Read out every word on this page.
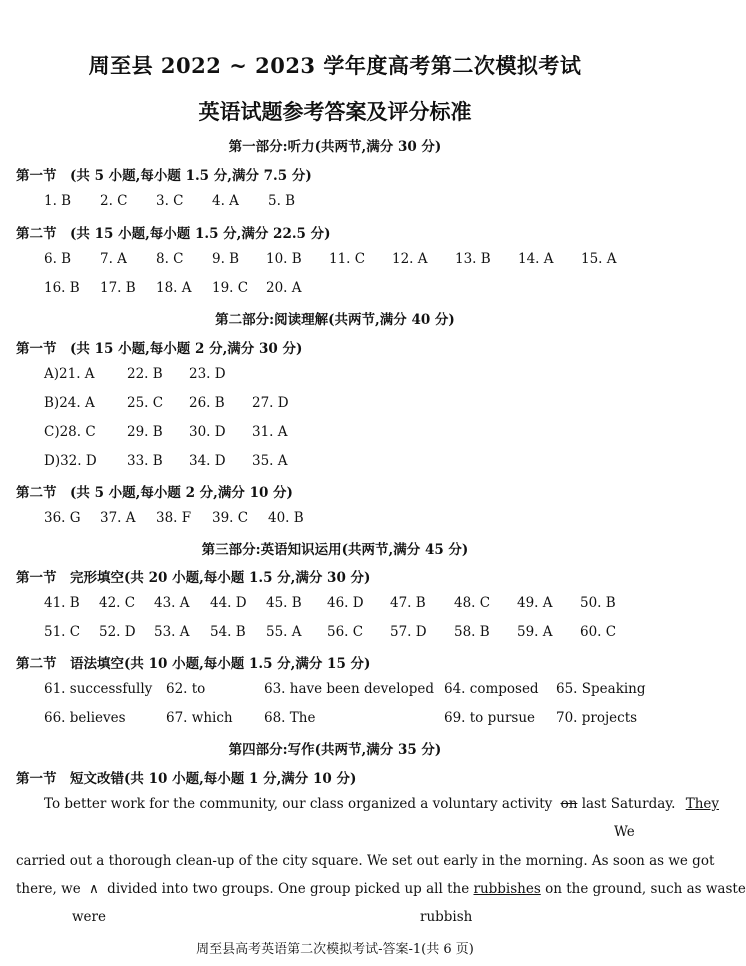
周至县 2022 ~ 2023 学年度高考第二次模拟考试
英语试题参考答案及评分标准
第一部分:听力(共两节,满分 30 分)
第一节　(共 5 小题,每小题 1.5 分,满分 7.5 分)
1. B 2. C 3. C 4. A 5. B
第二节　(共 15 小题,每小题 1.5 分,满分 22.5 分)
6. B 7. A 8. C 9. B 10. B 11. C 12. A 13. B 14. A 15. A
16. B 17. B 18. A 19. C 20. A
第二部分:阅读理解(共两节,满分 40 分)
第一节　(共 15 小题,每小题 2 分,满分 30 分)
A)21. A 22. B 23. D
B)24. A 25. C 26. B 27. D
C)28. C 29. B 30. D 31. A
D)32. D 33. B 34. D 35. A
第二节　(共 5 小题,每小题 2 分,满分 10 分)
36. G 37. A 38. F 39. C 40. B
第三部分:英语知识运用(共两节,满分 45 分)
第一节　完形填空(共 20 小题,每小题 1.5 分,满分 30 分)
41. B 42. C 43. A 44. D 45. B 46. D 47. B 48. C 49. A 50. B
51. C 52. D 53. A 54. B 55. A 56. C 57. D 58. B 59. A 60. C
第二节　语法填空(共 10 小题,每小题 1.5 分,满分 15 分)
61. successfully 62. to	63. have been developed 64. composed 65. Speaking
66. believes	67. which 68. The	69. to pursue 70. projects
第四部分:写作(共两节,满分 35 分)
第一节　短文改错(共 10 小题,每小题 1 分,满分 10 分)
To better work for the community, our class organized a voluntary activity on last Saturday. They
We
carried out a thorough clean-up of the city square. We set out early in the morning. As soon as we got
there, we ∧ divided into two groups. One group picked up all the rubbishes on the ground, such as waste
were	rubbish
周至县高考英语第二次模拟考试-答案-1(共 6 页)
